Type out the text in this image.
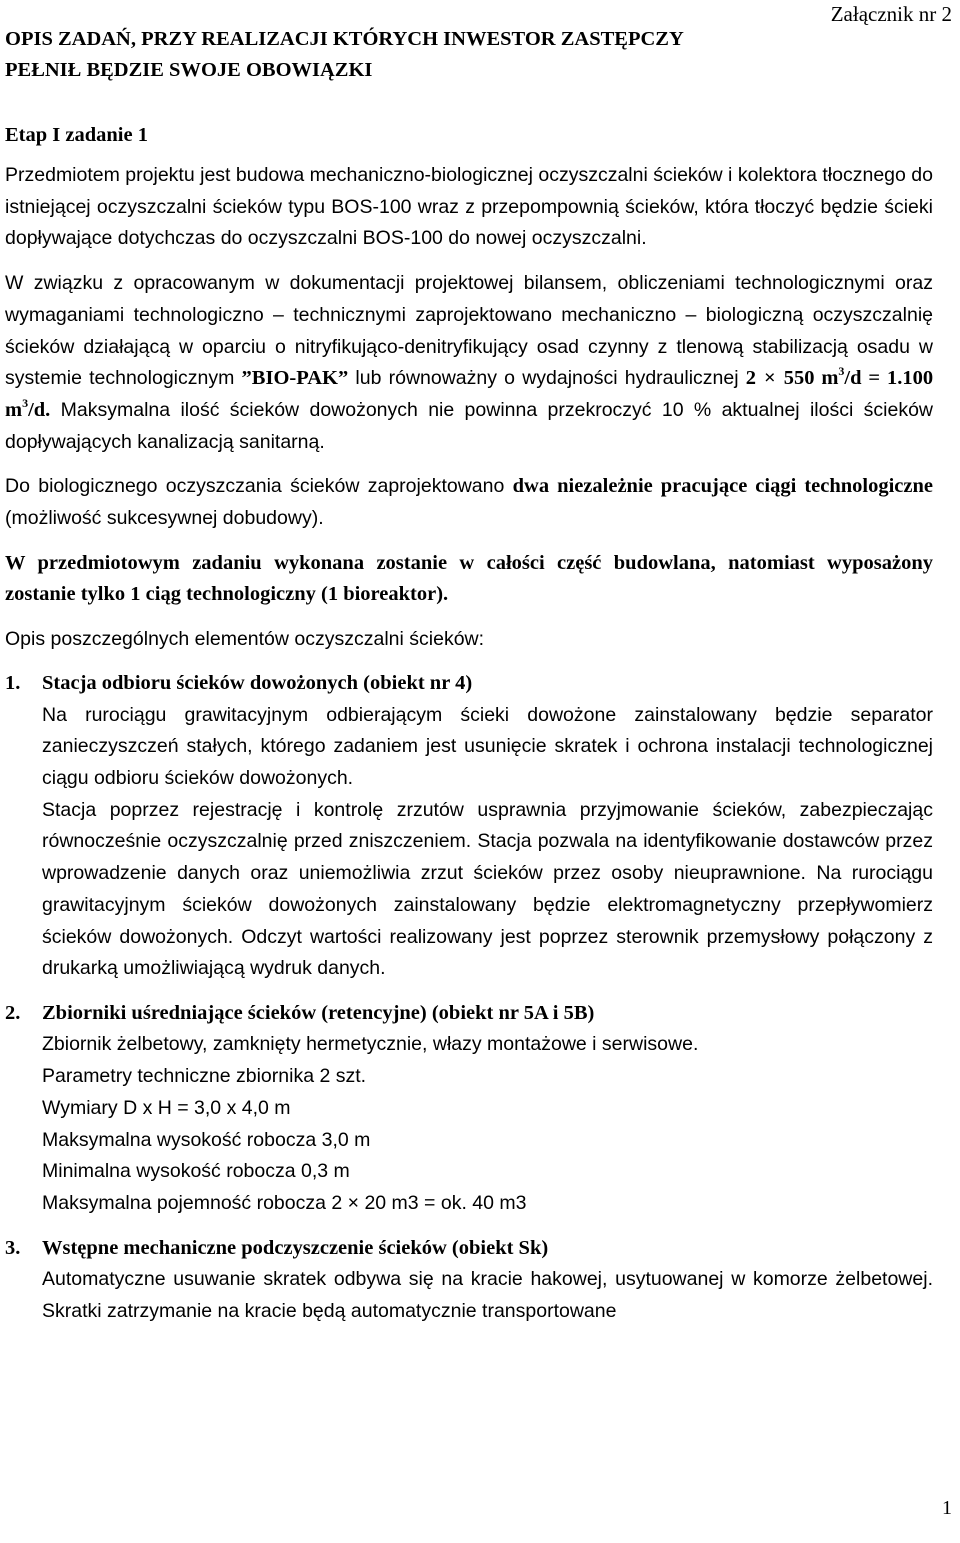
Załącznik nr 2

OPIS ZADAŃ, PRZY REALIZACJI KTÓRYCH INWESTOR ZASTĘPCZY
PEŁNIŁ BĘDZIE SWOJE OBOWIĄZKI

Etap I zadanie 1

Przedmiotem projektu jest budowa mechaniczno-biologicznej oczyszczalni ścieków i kolektora tłocznego do istniejącej oczyszczalni ścieków typu BOS-100 wraz z przepompownią ścieków, która tłoczyć będzie ścieki dopływające dotychczas do oczyszczalni BOS-100 do nowej oczyszczalni.

W związku z opracowanym w dokumentacji projektowej bilansem, obliczeniami technologicznymi oraz wymaganiami technologiczno – technicznymi zaprojektowano mechaniczno – biologiczną oczyszczalnię ścieków działającą w oparciu o nitryfikująco-denitryfikujący osad czynny z tlenową stabilizacją osadu w systemie technologicznym ”BIO-PAK” lub równoważny o wydajności hydraulicznej 2 × 550 $m^3/d = 1.100$ $m^3/d$. Maksymalna ilość ścieków dowożonych nie powinna przekroczyć 10 % aktualnej ilości ścieków dopływających kanalizacją sanitarną.

Do biologicznego oczyszczania ścieków zaprojektowano dwa niezależnie pracujące ciągi technologiczne (możliwość sukcesywnej dobudowy).

W przedmiotowym zadaniu wykonana zostanie w całości część budowlana, natomiast wyposażony zostanie tylko 1 ciąg technologiczny (1 bioreaktor).

Opis poszczególnych elementów oczyszczalni ścieków:

1. Stacja odbioru ścieków dowożonych (obiekt nr 4)

Na rurociągu grawitacyjnym odbierającym ścieki dowożone zainstalowany będzie separator zanieczyszczeń stałych, którego zadaniem jest usunięcie skratek i ochrona instalacji technologicznej ciągu odbioru ścieków dowożonych.

Stacja poprzez rejestrację i kontrolę zrzutów usprawnia przyjmowanie ścieków, zabezpieczając równocześnie oczyszczalnię przed zniszczeniem. Stacja pozwala na identyfikowanie dostawców przez wprowadzenie danych oraz uniemożliwia zrzut ścieków przez osoby nieuprawnione. Na rurociągu grawitacyjnym ścieków dowożonych zainstalowany będzie elektromagnetyczny przepływomierz ścieków dowożonych. Odczyt wartości realizowany jest poprzez sterownik przemysłowy połączony z drukarką umożliwiającą wydruk danych.

2. Zbiorniki uśredniające ścieków (retencyjne) (obiekt nr 5A i 5B)
Zbiornik żelbetowy, zamknięty hermetycznie, włazy montażowe i serwisowe.
Parametry techniczne zbiornika 2 szt.
Wymiary D x H = 3,0 x 4,0 m
Maksymalna wysokość robocza 3,0 m
Minimalna wysokość robocza 0,3 m
Maksymalna pojemność robocza 2 × 20 m3 = ok. 40 m3
3. Wstępne mechaniczne podczyszczenie ścieków (obiekt Sk)

Automatyczne usuwanie skratek odbywa się na kracie hakowej, usytuowanej w komorze żelbetowej. Skratki zatrzymanie na kracie będą automatycznie transportowane

1
